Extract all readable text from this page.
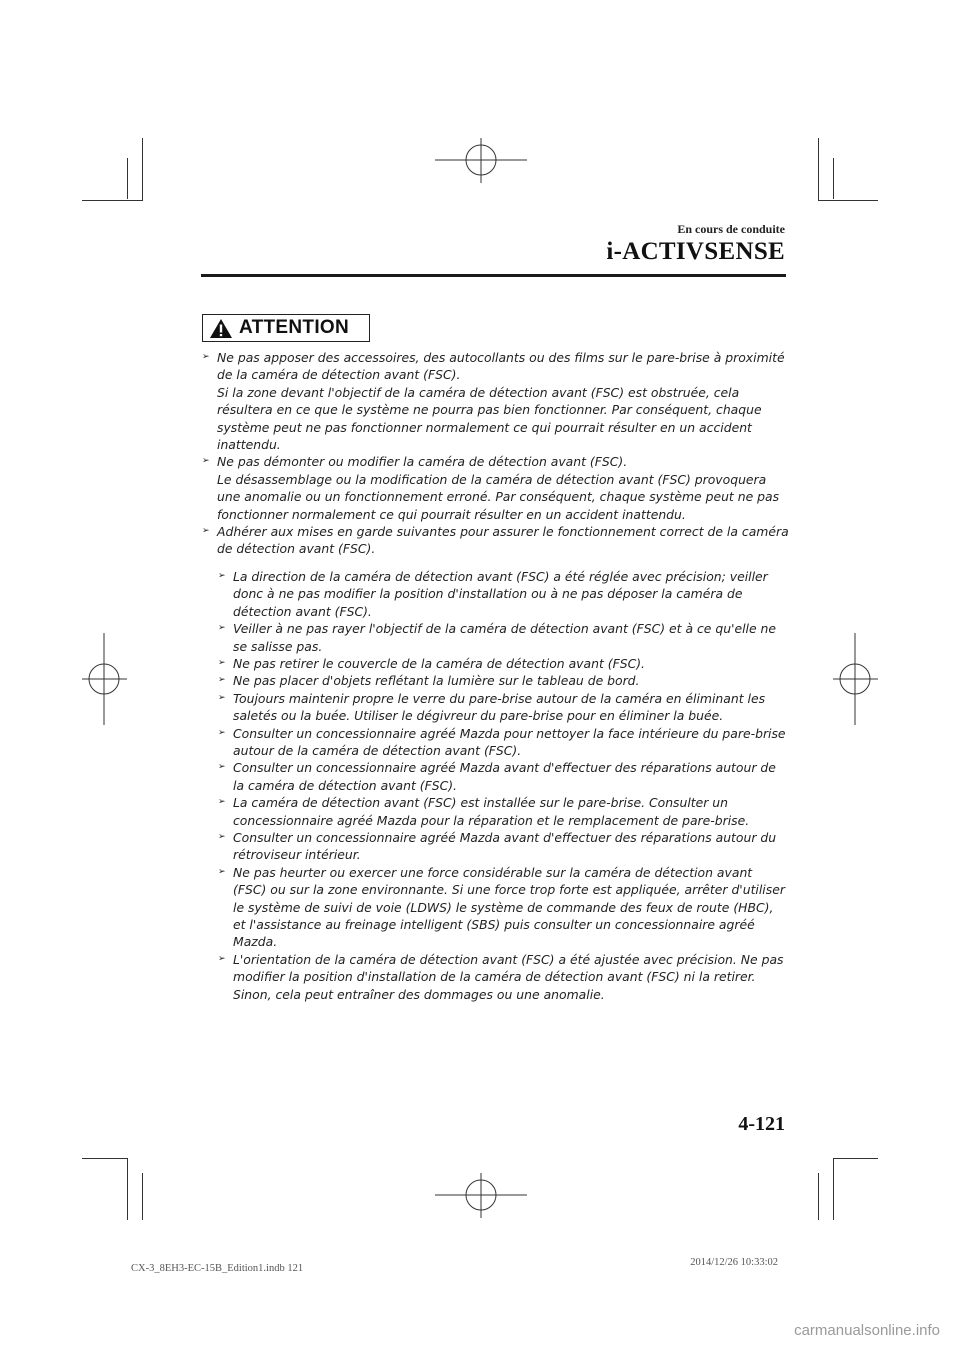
En cours de conduite
i-ACTIVSENSE
ATTENTION

➢ Ne pas apposer des accessoires, des autocollants ou des films sur le pare-brise à proximité de la caméra de détection avant (FSC).

Si la zone devant l'objectif de la caméra de détection avant (FSC) est obstruée, cela résultera en ce que le système ne pourra pas bien fonctionner. Par conséquent, chaque système peut ne pas fonctionner normalement ce qui pourrait résulter en un accident inattendu.

➢ Ne pas démonter ou modifier la caméra de détection avant (FSC).

Le désassemblage ou la modification de la caméra de détection avant (FSC) provoquera une anomalie ou un fonctionnement erroné. Par conséquent, chaque système peut ne pas fonctionner normalement ce qui pourrait résulter en un accident inattendu.

➢ Adhérer aux mises en garde suivantes pour assurer le fonctionnement correct de la caméra de détection avant (FSC).

➢ La direction de la caméra de détection avant (FSC) a été réglée avec précision; veiller donc à ne pas modifier la position d'installation ou à ne pas déposer la caméra de détection avant (FSC).
➢ Veiller à ne pas rayer l'objectif de la caméra de détection avant (FSC) et à ce qu'elle ne se salisse pas.
➢ Ne pas retirer le couvercle de la caméra de détection avant (FSC).
➢ Ne pas placer d'objets reflétant la lumière sur le tableau de bord.
➢ Toujours maintenir propre le verre du pare-brise autour de la caméra en éliminant les saletés ou la buée. Utiliser le dégivreur du pare-brise pour en éliminer la buée.
➢ Consulter un concessionnaire agréé Mazda pour nettoyer la face intérieure du pare-brise autour de la caméra de détection avant (FSC).
➢ Consulter un concessionnaire agréé Mazda avant d'effectuer des réparations autour de la caméra de détection avant (FSC).
➢ La caméra de détection avant (FSC) est installée sur le pare-brise. Consulter un concessionnaire agréé Mazda pour la réparation et le remplacement de pare-brise.
➢ Consulter un concessionnaire agréé Mazda avant d'effectuer des réparations autour du rétroviseur intérieur.
➢ Ne pas heurter ou exercer une force considérable sur la caméra de détection avant (FSC) ou sur la zone environnante. Si une force trop forte est appliquée, arrêter d'utiliser le système de suivi de voie (LDWS) le système de commande des feux de route (HBC), et l'assistance au freinage intelligent (SBS) puis consulter un concessionnaire agréé Mazda.
➢ L'orientation de la caméra de détection avant (FSC) a été ajustée avec précision. Ne pas modifier la position d'installation de la caméra de détection avant (FSC) ni la retirer. Sinon, cela peut entraîner des dommages ou une anomalie.
4-121
CX-3_8EH3-EC-15B_Edition1.indb 121
2014/12/26 10:33:02
carmanualsonline.info
